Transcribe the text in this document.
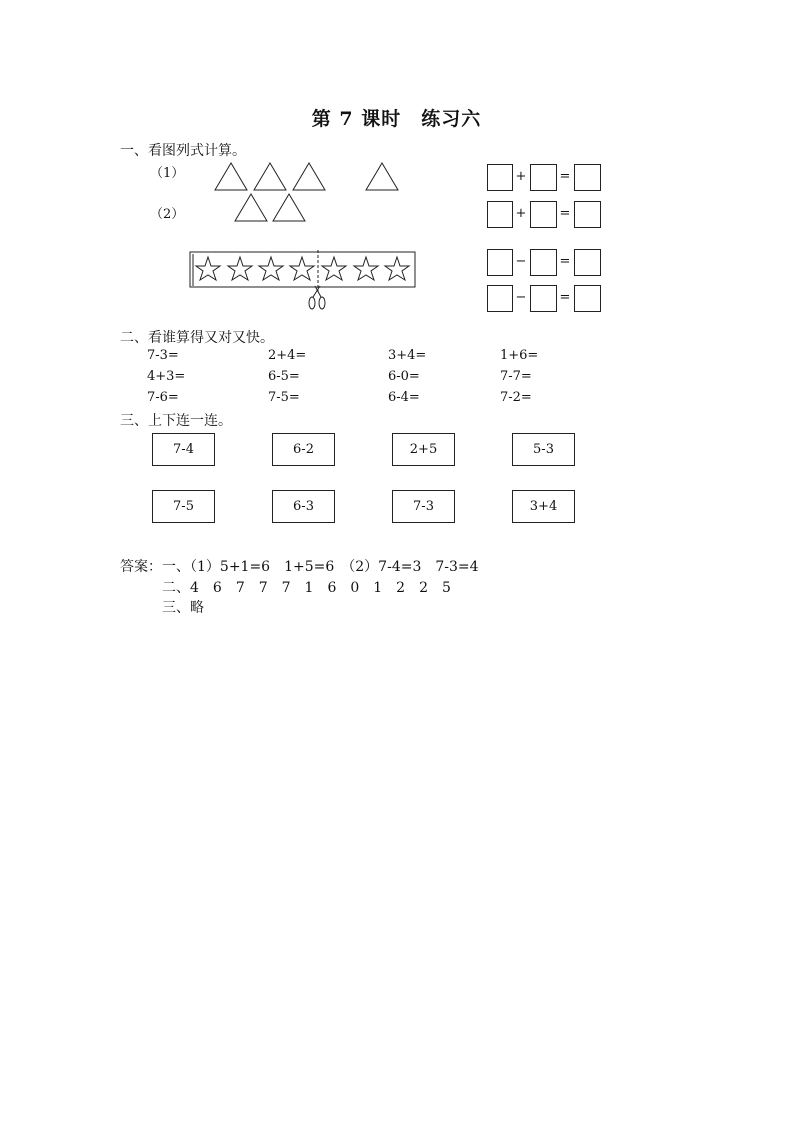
第 7 课时　练习六
一、看图列式计算。
（1）
（2）
+	=
+	=
−	=
−	=
二、看谁算得又对又快。
7-3=	2+4=	3+4=	1+6=
4+3=	6-5=	6-0=	7-7=
7-6=	7-5=	6-4=	7-2=
三、上下连一连。
7-4	6-2	2+5	5-3
7-5	6-3	7-3	3+4
答案：一、（1）5+1=6　1+5=6　（2）7-4=3　7-3=4
二、4　6　7　7　7　1　6　0　1　2　2　5
三、略
